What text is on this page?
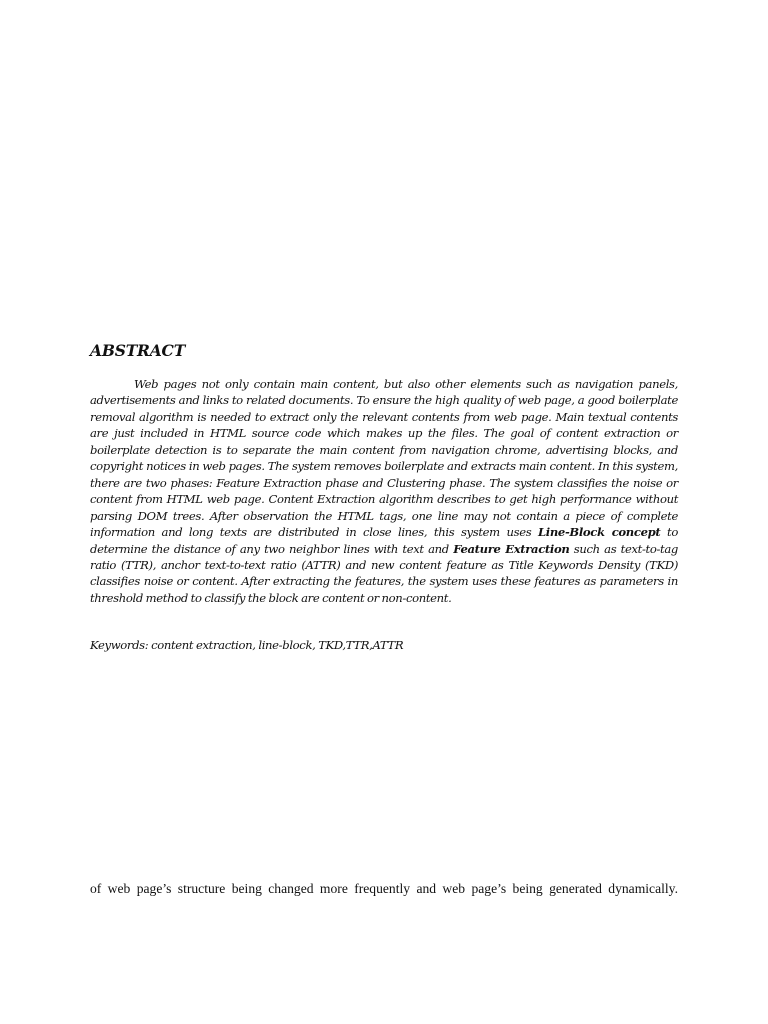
ABSTRACT

Web pages not only contain main content, but also other elements such as navigation panels, advertisements and links to related documents. To ensure the high quality of web page, a good boilerplate removal algorithm is needed to extract only the relevant contents from web page. Main textual contents are just included in HTML source code which makes up the files. The goal of content extraction or boilerplate detection is to separate the main content from navigation chrome, advertising blocks, and copyright notices in web pages. The system removes boilerplate and extracts main content. In this system, there are two phases: Feature Extraction phase and Clustering phase. The system classifies the noise or content from HTML web page. Content Extraction algorithm describes to get high performance without parsing DOM trees. After observation the HTML tags, one line may not contain a piece of complete information and long texts are distributed in close lines, this system uses Line-Block concept to determine the distance of any two neighbor lines with text and Feature Extraction such as text-to-tag ratio (TTR), anchor text-to-text ratio (ATTR) and new content feature as Title Keywords Density (TKD) classifies noise or content. After extracting the features, the system uses these features as parameters in threshold method to classify the block are content or non-content.

Keywords: content extraction, line-block, TKD,TTR,ATTR

of web page’s structure being changed more frequently and web page’s being generated dynamically.
